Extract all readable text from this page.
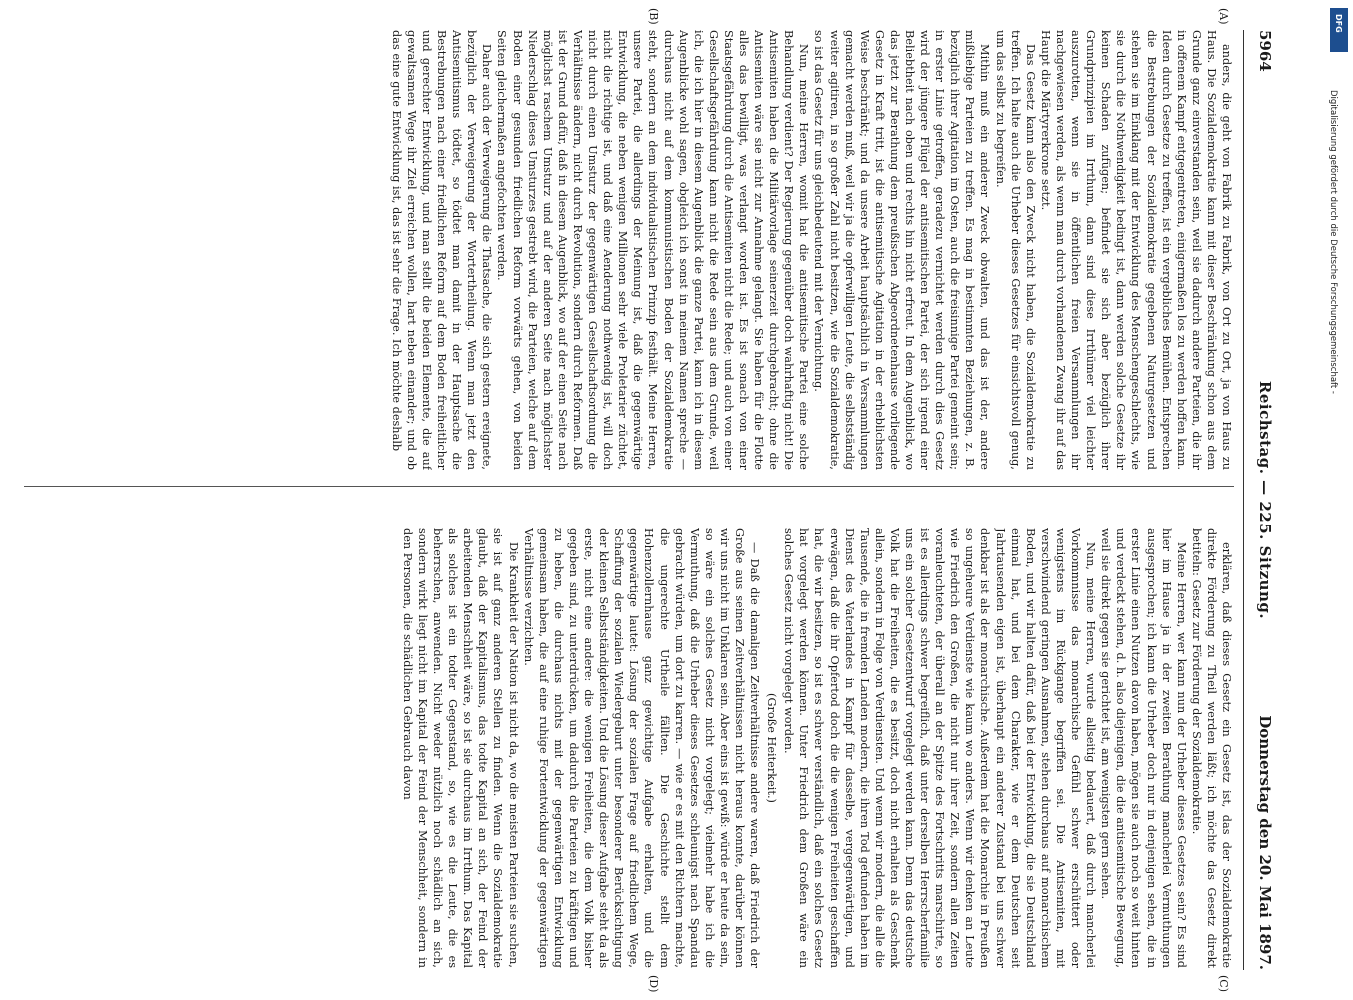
5964
Reichstag. — 225. Sitzung.
Donnerstag den 20. Mai 1897.
(A)
(B)
(C)
(D)

anders, die geht von Fabrik zu Fabrik, von Ort zu Ort, ja von Haus zu Haus. Die Sozialdemokratie kann mit dieser Beschränkung schon aus dem Grunde ganz einverstanden sein, weil sie dadurch andere Parteien, die ihr in offenem Kampf entgegentreten, einigermaßen los zu werden hoffen kann. Ideen durch Gesetze zu treffen, ist ein vergebliches Bemühen. Entsprechen die Bestrebungen der Sozialdemokratie gegebenen Naturgesetzen und stehen sie im Einklang mit der Entwicklung des Menschengeschlechts, wie sie durch die Nothwendigkeit bedingt ist, dann werden solche Gesetze ihr keinen Schaden zufügen; befindet sie sich aber bezüglich ihrer Grundprinzipien im Irrthum, dann sind diese Irrthümer viel leichter auszurotten, wenn sie in öffentlichen freien Versammlungen ihr nachgewiesen werden, als wenn man durch vorhandenen Zwang ihr auf das Haupt die Märtyrerkrone setzt.

Das Gesetz kann also den Zweck nicht haben, die Sozialdemokratie zu treffen. Ich halte auch die Urheber dieses Gesetzes für einsichtsvoll genug, um das selbst zu begreifen.

Mithin muß ein anderer Zweck obwalten, und das ist der, andere mißliebige Parteien zu treffen. Es mag in bestimmten Beziehungen, z. B. bezüglich ihrer Agitation im Osten, auch die freisinnige Partei gemeint sein; in erster Linie getroffen, geradezu vernichtet werden durch dies Gesetz wird der jüngere Flügel der antisemitischen Partei, der sich irgend einer Beliebtheit nach oben und rechts hin nicht erfreut. In dem Augenblick, wo das jetzt zur Berathung dem preußischen Abgeordnetenhause vorliegende Gesetz in Kraft tritt, ist die antisemitische Agitation in der erheblichsten Weise beschränkt; und da unsere Arbeit hauptsächlich in Versammlungen gemacht werden muß, weil wir ja die opferwilligen Leute, die selbstständig weiter agitiren, in so großer Zahl nicht besitzen, wie die Sozialdemokratie, so ist das Gesetz für uns gleichbedeutend mit der Vernichtung.

Nun, meine Herren, womit hat die antisemitische Partei eine solche Behandlung verdient? Der Regierung gegenüber doch wahrhaftig nicht! Die Antisemiten haben die Militärvorlage seinerzeit durchgebracht; ohne die Antisemiten wäre sie nicht zur Annahme gelangt. Sie haben für die Flotte alles das bewilligt, was verlangt worden ist. Es ist sonach von einer Staatsgefährdung durch die Antisemiten nicht die Rede; und auch von einer Gesellschaftsgefährdung kann nicht die Rede sein aus dem Grunde, weil ich, die ich hier in diesem Augenblick die ganze Partei, kann ich in diesem Augenblicke wohl sagen, obgleich ich sonst in meinem Namen spreche — durchaus nicht auf dem kommunistischen Boden der Sozialdemokratie steht, sondern an dem individualistischen Prinzip festhält. Meine Herren, unsere Partei, die allerdings der Meinung ist, daß die gegenwärtige Entwicklung, die neben wenigen Millionen sehr viele Proletarier züchtet, nicht die richtige ist, und daß eine Aenderung nothwendig ist, will doch nicht durch einen Umsturz der gegenwärtigen Gesellschaftsordnung die Verhältnisse ändern, nicht durch Revolution, sondern durch Reformen. Daß ist der Grund dafür, daß in diesem Augenblick, wo auf der einen Seite nach möglichst raschem Umsturz und auf der anderen Seite nach möglichster Niederschlag dieses Umsturzes gestrebt wird, die Parteien, welche auf dem Boden einer gesunden friedlichen Reform vorwärts gehen, von beiden Seiten gleichermaßen angefochten werden.

Daher auch der Verweigerung die Thatsache, die sich gestern ereignete, bezüglich der Verweigerung der Wortertheilung. Wenn man jetzt den Antisemitismus tödtet, so tödtet man damit in der Hauptsache die Bestrebungen nach einer friedlichen Reform auf dem Boden freiheitlicher und gerechter Entwicklung, und man stellt die beiden Elemente, die auf gewaltsamen Wege ihr Ziel erreichen wollen, hart neben einander; und ob das eine gute Entwicklung ist, das ist sehr die Frage. Ich möchte deshalb

erklären, daß dieses Gesetz ein Gesetz ist, das der Sozialdemokratie direkte Förderung zu Theil werden läßt; ich möchte das Gesetz direkt betiteln: Gesetz zur Förderung der Sozialdemokratie.

Meine Herren, wer kann nun der Urheber dieses Gesetzes sein? Es sind hier im Hause ja in der zweiten Berathung mancherlei Vermuthungen ausgesprochen; ich kann die Urheber doch nur in denjenigen sehen, die in erster Linie einen Nutzen davon haben, mögen sie auch noch so weit hinten und verdeckt stehen, d. h. also diejenigen, die die antisemitische Bewegung, weil sie direkt gegen sie gerichtet ist, am wenigsten gern sehen.

Nun, meine Herren, wurde allseitig bedauert, daß durch mancherlei Vorkommnisse das monarchische Gefühl schwer erschüttert oder wenigstens im Rückgange begriffen sei. Die Antisemiten, mit verschwindend geringen Ausnahmen, stehen durchaus auf monarchischem Boden, und wir halten dafür, daß bei der Entwicklung, die sie Deutschland einmal hat, und bei dem Charakter, wie er dem Deutschen seit Jahrtausenden eigen ist, überhaupt ein anderer Zustand bei uns schwer denkbar ist als der monarchische. Außerdem hat die Monarchie in Preußen so ungeheure Verdienste wie kaum wo anders. Wenn wir denken an Leute wie Friedrich den Großen, die nicht nur ihrer Zeit, sondern allen Zeiten voranleuchteten, der überall an der Spitze des Fortschritts marschirte, so ist es allerdings schwer begreiflich, daß unter derselben Herrscherfamilie uns ein solcher Gesetzentwurf vorgelegt werden kann. Denn das deutsche Volk hat die Freiheiten, die es besitzt, doch nicht erhalten als Geschenk allein, sondern in Folge von Verdiensten. Und wenn wir modern, die alle die Tausende, die in fremden Landen modern, die ihren Tod gefunden haben im Dienst des Vaterlandes in Kampf für dasselbe, vergegenwärtigen, und erwägen, daß die ihr Opfertod doch die die wenigen Freiheiten geschaffen hat, die wir besitzen, so ist es schwer verständlich, daß ein solches Gesetz hat vorgelegt werden können. Unter Friedrich dem Großen wäre ein solches Gesetz nicht vorgelegt worden.

(Große Heiterkeit.)

— Daß die damaligen Zeitverhältnisse andere waren, daß Friedrich der Große aus seinen Zeitverhältnissen nicht heraus konnte, darüber können wir uns nicht im Unklaren sein. Aber eins ist gewiß: würde er heute da sein, so wäre ein solches Gesetz nicht vorgelegt; vielmehr habe ich die Vermuthung, daß die Urheber dieses Gesetzes schleunigst nach Spandau gebracht würden, um dort zu karren. — wie er es mit den Richtern machte, die ungerechte Urtheile fällten. Die Geschichte stellt dem Hohenzollernhause ganz gewichtige Aufgabe erhalten, und die gegenwärtige lautet: Lösung der sozialen Frage auf friedlichem Wege, Schaffung der sozialen Wiedergeburt unter besonderer Berücksichtigung der kleinen Selbstständigkeiten. Und die Lösung dieser Aufgabe steht da als erste, nicht eine andere: die wenigen Freiheiten, die dem Volk bisher gegeben sind, zu unterdrücken, um dadurch die Parteien zu kräftigen und zu heben, die durchaus nichts mit der gegenwärtigen Entwicklung gemeinsam haben, die auf eine ruhige Fortentwicklung der gegenwärtigen Verhältnisse verzichten.

Die Krankheit der Nation ist nicht da, wo die meisten Parteien sie suchen, sie ist auf ganz anderen Stellen zu finden. Wenn die Sozialdemokratie glaubt, daß der Kapitalismus, das todte Kapital an sich, der Feind der arbeitenden Menschheit wäre, so ist sie durchaus im Irrthum. Das Kapital als solches ist ein todter Gegenstand, so, wie es die Leute, die es beherrschen, anwenden. Nicht weder nützlich noch schädlich an sich, sondern wirkt liegt nicht im Kapital der Feind der Menschheit, sondern in den Personen, die schädlichen Gebrauch davon

DFG
Digitalisierung gefördert durch die Deutsche Forschungsgemeinschaft -
